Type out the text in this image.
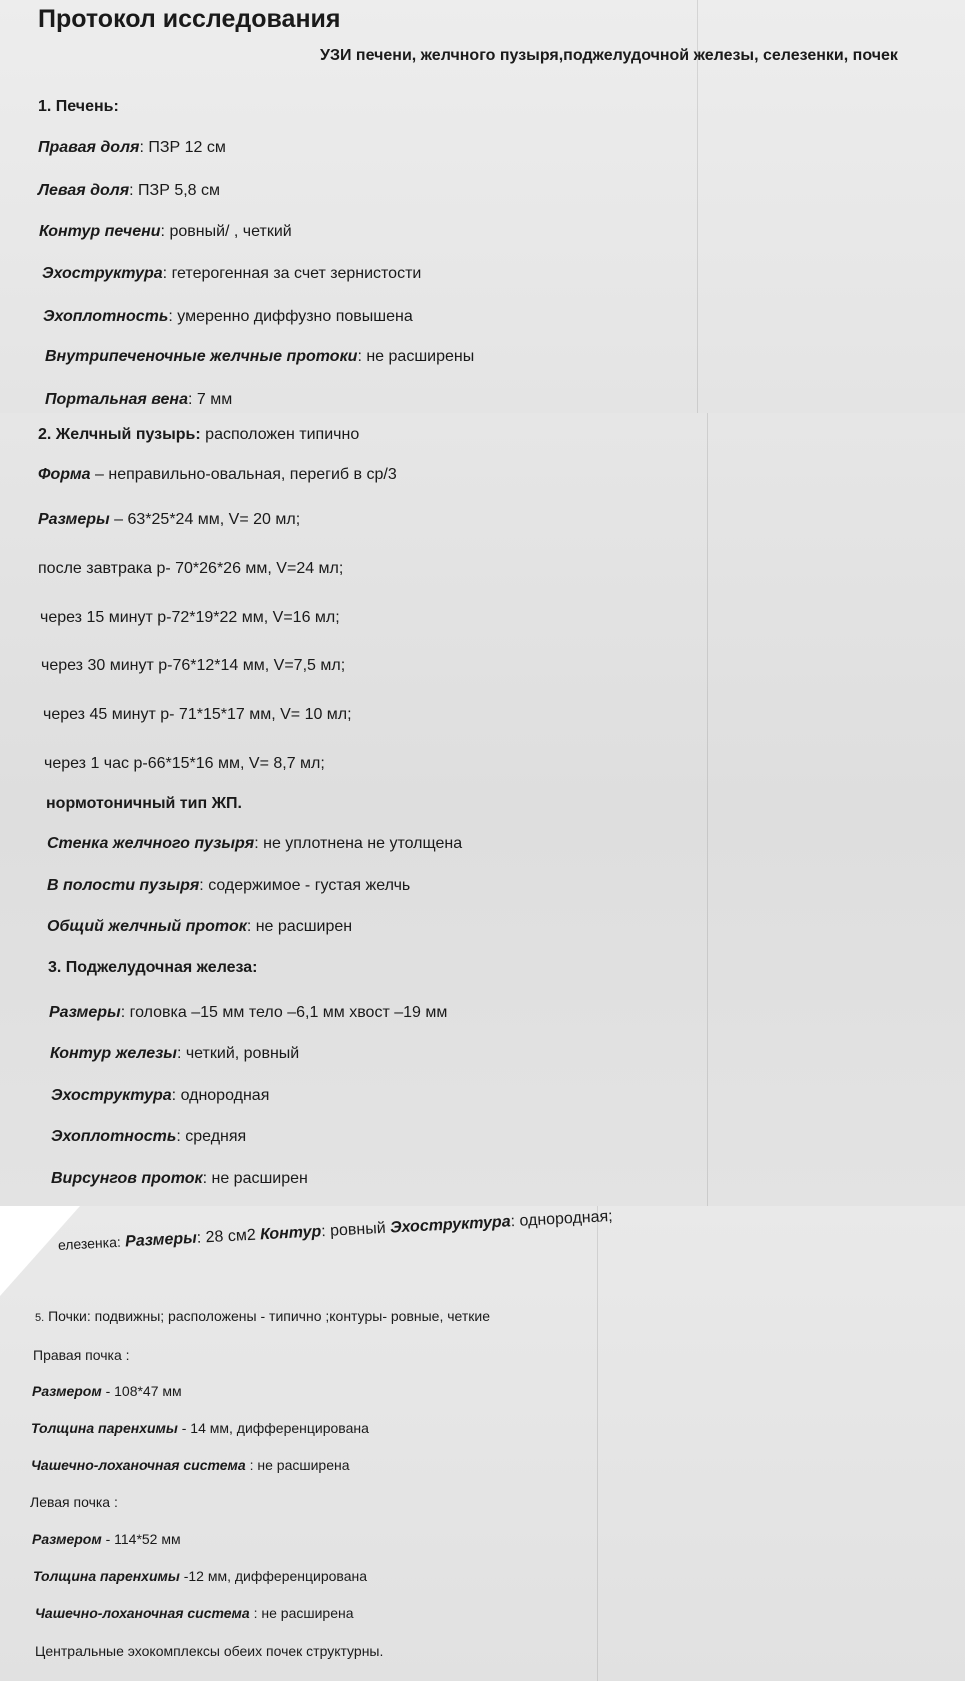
Протокол исследования
УЗИ печени, желчного пузыря,поджелудочной железы, селезенки, почек
1. Печень:
Правая доля: ПЗР 12 см
Левая доля: ПЗР 5,8 см
Контур печени: ровный/ , четкий
Эхоструктура: гетерогенная за счет зернистости
Эхоплотность: умеренно диффузно повышена
Внутрипеченочные желчные протоки: не расширены
Портальная вена: 7 мм
2. Желчный пузырь: расположен типично
Форма – неправильно-овальная, перегиб в ср/3
Размеры – 63*25*24 мм, V= 20 мл;
после завтрака р- 70*26*26 мм, V=24 мл;
через 15 минут р-72*19*22 мм, V=16 мл;
через 30 минут р-76*12*14 мм, V=7,5 мл;
через 45 минут р- 71*15*17 мм, V= 10 мл;
через 1 час р-66*15*16 мм, V= 8,7 мл;
нормотоничный тип ЖП.
Стенка желчного пузыря: не уплотнена не утолщена
В полости пузыря: содержимое - густая желчь
Общий желчный проток: не расширен
3. Поджелудочная железа:
Размеры: головка –15 мм тело –6,1 мм хвост –19 мм
Контур железы: четкий, ровный
Эхоструктура: однородная
Эхоплотность: средняя
Вирсунгов проток: не расширен
елезенка: Размеры: 28 см2 Контур: ровный Эхоструктура: однородная;
5. Почки: подвижны; расположены - типично ;контуры- ровные, четкие
Правая почка :
Размером - 108*47 мм
Толщина паренхимы - 14 мм, дифференцирована
Чашечно-лоханочная система : не расширена
Левая почка :
Размером - 114*52 мм
Толщина паренхимы -12 мм, дифференцирована
Чашечно-лоханочная система : не расширена
Центральные эхокомплексы обеих почек структурны.
